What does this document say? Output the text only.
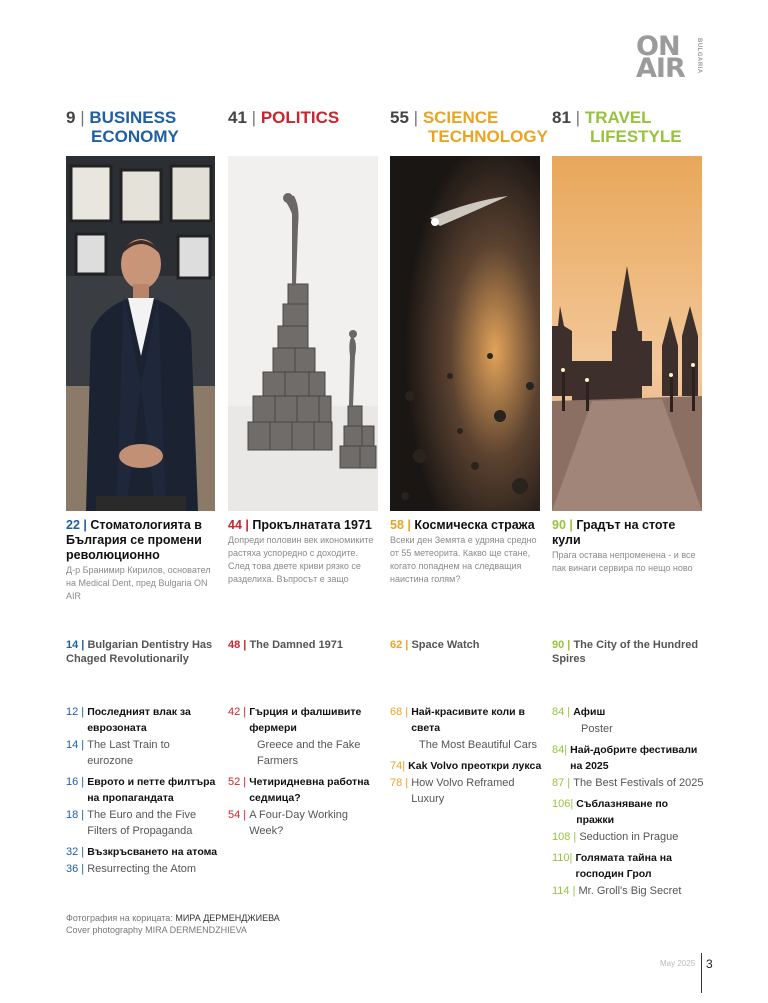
ON
AIR	BULGARIA
9 | BUSINESS
ECONOMY
41 | POLITICS	55 | SCIENCE
TECHNOLOGY
81 | TRAVEL
LIFESTYLE
22 | Стоматологията в България се промени революционно
Д-р Бранимир Кирилов, основател на Medical Dent, пред Bulgaria ON AIR
44 | Прокълнатата 1971
Допреди половин век икономиките растяха успоредно с доходите. След това двете криви рязко се разделиха. Въпросът е защо
58 | Космическа стража
Всеки ден Земята е удряна средно от 55 метеорита. Какво ще стане, когато попаднем на следващия наистина голям?
90 | Градът на стоте кули
Прага остава непроменена - и все пак винаги сервира по нещо ново
14 | Bulgarian Dentistry Has Chaged Revolutionarily
48 | The Damned 1971	62 | Space Watch	90 | The City of the Hundred Spires
12 | Последният влак за еврозоната
14 | The Last Train to eurozone
16 | Еврото и петте филтъра на пропагандата
18 | The Euro and the Five Filters of Propaganda
32 | Възкръсването на атома
36 | Resurrecting the Atom
42 | Гърция и фалшивите фермери
Greece and the Fake Farmers
52 | Четиридневна работна седмица?
54 | A Four-Day Working Week?
68 | Най-красивите коли в света
The Most Beautiful Cars
74| Kak Volvo преоткри лукса
78 | How Volvo Reframed Luxury
84 | Афиш
Poster
84| Най-добрите фестивали на 2025
87 | The Best Festivals of 2025
106| Съблазняване по пражки
108 | Seduction in Prague
110| Голямата тайна на господин Грол
114 | Mr. Groll's Big Secret
Фотография на корицата: МИРА ДЕРМЕНДЖИЕВА
Cover photography MIRA DERMENDZHIEVA
May 2025 3
